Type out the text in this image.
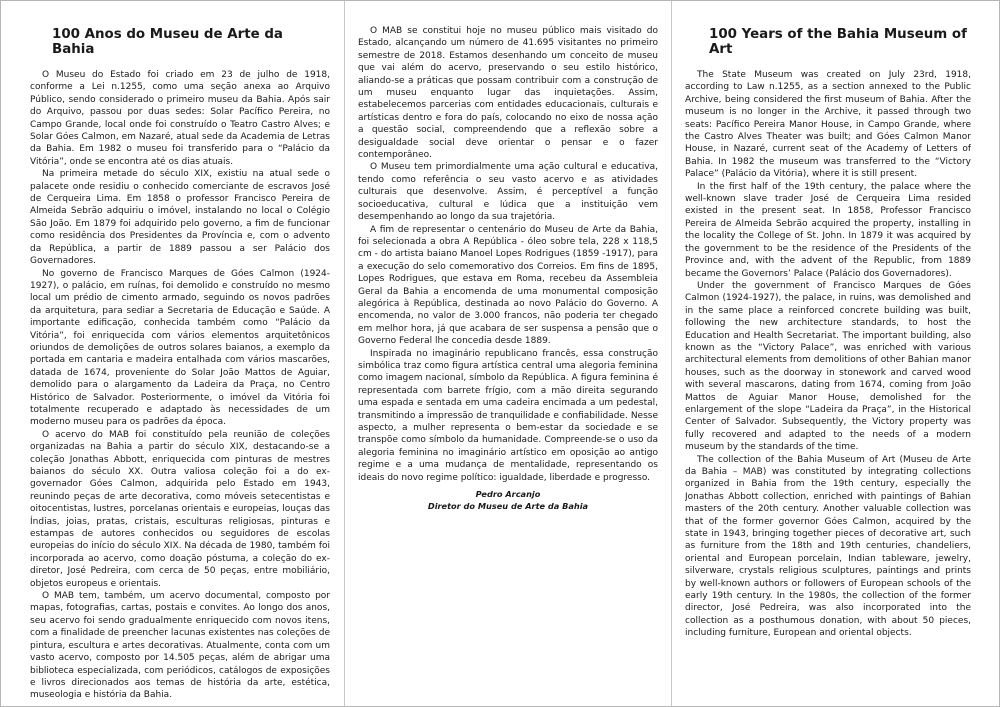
100 Anos do Museu de Arte da Bahia

O Museu do Estado foi criado em 23 de julho de 1918, conforme a Lei n.1255, como uma seção anexa ao Arquivo Público, sendo considerado o primeiro museu da Bahia. Após sair do Arquivo, passou por duas sedes: Solar Pacífico Pereira, no Campo Grande, local onde foi construído o Teatro Castro Alves; e Solar Góes Calmon, em Nazaré, atual sede da Academia de Letras da Bahia. Em 1982 o museu foi transferido para o “Palácio da Vitória”, onde se encontra até os dias atuais.

Na primeira metade do século XIX, existiu na atual sede o palacete onde residiu o conhecido comerciante de escravos José de Cerqueira Lima. Em 1858 o professor Francisco Pereira de Almeida Sebrão adquiriu o imóvel, instalando no local o Colégio São João. Em 1879 foi adquirido pelo governo, a fim de funcionar como residência dos Presidentes da Província e, com o advento da República, a partir de 1889 passou a ser Palácio dos Governadores.

No governo de Francisco Marques de Góes Calmon (1924-1927), o palácio, em ruínas, foi demolido e construído no mesmo local um prédio de cimento armado, seguindo os novos padrões da arquitetura, para sediar a Secretaria de Educação e Saúde. A importante edificação, conhecida também como “Palácio da Vitória”, foi enriquecida com vários elementos arquitetônicos oriundos de demolições de outros solares baianos, a exemplo da portada em cantaria e madeira entalhada com vários mascarões, datada de 1674, proveniente do Solar João Mattos de Aguiar, demolido para o alargamento da Ladeira da Praça, no Centro Histórico de Salvador. Posteriormente, o imóvel da Vitória foi totalmente recuperado e adaptado às necessidades de um moderno museu para os padrões da época.

O acervo do MAB foi constituído pela reunião de coleções organizadas na Bahia a partir do século XIX, destacando-se a coleção Jonathas Abbott, enriquecida com pinturas de mestres baianos do século XX. Outra valiosa coleção foi a do ex-governador Góes Calmon, adquirida pelo Estado em 1943, reunindo peças de arte decorativa, como móveis setecentistas e oitocentistas, lustres, porcelanas orientais e europeias, louças das Índias, joias, pratas, cristais, esculturas religiosas, pinturas e estampas de autores conhecidos ou seguidores de escolas europeias do início do século XIX. Na década de 1980, também foi incorporada ao acervo, como doação póstuma, a coleção do ex-diretor, José Pedreira, com cerca de 50 peças, entre mobiliário, objetos europeus e orientais.

O MAB tem, também, um acervo documental, composto por mapas, fotografias, cartas, postais e convites. Ao longo dos anos, seu acervo foi sendo gradualmente enriquecido com novos itens, com a finalidade de preencher lacunas existentes nas coleções de pintura, escultura e artes decorativas. Atualmente, conta com um vasto acervo, composto por 14.505 peças, além de abrigar uma biblioteca especializada, com periódicos, catálogos de exposições e livros direcionados aos temas de história da arte, estética, museologia e história da Bahia.

O MAB se constitui hoje no museu público mais visitado do Estado, alcançando um número de 41.695 visitantes no primeiro semestre de 2018. Estamos desenhando um conceito de museu que vai além do acervo, preservando o seu estilo histórico, aliando-se a práticas que possam contribuir com a construção de um museu enquanto lugar das inquietações. Assim, estabelecemos parcerias com entidades educacionais, culturais e artísticas dentro e fora do país, colocando no eixo de nossa ação a questão social, compreendendo que a reflexão sobre a desigualdade social deve orientar o pensar e o fazer contemporâneo.

O Museu tem primordialmente uma ação cultural e educativa, tendo como referência o seu vasto acervo e as atividades culturais que desenvolve. Assim, é perceptível a função socioeducativa, cultural e lúdica que a instituição vem desempenhando ao longo da sua trajetória.

A fim de representar o centenário do Museu de Arte da Bahia, foi selecionada a obra A República - óleo sobre tela, 228 x 118,5 cm - do artista baiano Manoel Lopes Rodrigues (1859 -1917), para a execução do selo comemorativo dos Correios. Em fins de 1895, Lopes Rodrigues, que estava em Roma, recebeu da Assembleia Geral da Bahia a encomenda de uma monumental composição alegórica à República, destinada ao novo Palácio do Governo. A encomenda, no valor de 3.000 francos, não poderia ter chegado em melhor hora, já que acabara de ser suspensa a pensão que o Governo Federal lhe concedia desde 1889.

Inspirada no imaginário republicano francês, essa construção simbólica traz como figura artística central uma alegoria feminina como imagem nacional, símbolo da República. A figura feminina é representada com barrete frígio, com a mão direita segurando uma espada e sentada em uma cadeira encimada a um pedestal, transmitindo a impressão de tranquilidade e confiabilidade. Nesse aspecto, a mulher representa o bem-estar da sociedade e se transpõe como símbolo da humanidade. Compreende-se o uso da alegoria feminina no imaginário artístico em oposição ao antigo regime e a uma mudança de mentalidade, representando os ideais do novo regime político: igualdade, liberdade e progresso.

Pedro Arcanjo
Diretor do Museu de Arte da Bahia
100 Years of the Bahia Museum of Art

The State Museum was created on July 23rd, 1918, according to Law n.1255, as a section annexed to the Public Archive, being considered the first museum of Bahia. After the museum is no longer in the Archive, it passed through two seats: Pacífico Pereira Manor House, in Campo Grande, where the Castro Alves Theater was built; and Góes Calmon Manor House, in Nazaré, current seat of the Academy of Letters of Bahia. In 1982 the museum was transferred to the “Victory Palace” (Palácio da Vitória), where it is still present.

In the first half of the 19th century, the palace where the well-known slave trader José de Cerqueira Lima resided existed in the present seat. In 1858, Professor Francisco Pereira de Almeida Sebrão acquired the property, installing in the locality the College of St. John. In 1879 it was acquired by the government to be the residence of the Presidents of the Province and, with the advent of the Republic, from 1889 became the Governors’ Palace (Palácio dos Governadores).

Under the government of Francisco Marques de Góes Calmon (1924-1927), the palace, in ruins, was demolished and in the same place a reinforced concrete building was built, following the new architecture standards, to host the Education and Health Secretariat. The important building, also known as the “Victory Palace”, was enriched with various architectural elements from demolitions of other Bahian manor houses, such as the doorway in stonework and carved wood with several mascarons, dating from 1674, coming from João Mattos de Aguiar Manor House, demolished for the enlargement of the slope “Ladeira da Praça”, in the Historical Center of Salvador. Subsequently, the Victory property was fully recovered and adapted to the needs of a modern museum by the standards of the time.

The collection of the Bahia Museum of Art (Museu de Arte da Bahia – MAB) was constituted by integrating collections organized in Bahia from the 19th century, especially the Jonathas Abbott collection, enriched with paintings of Bahian masters of the 20th century. Another valuable collection was that of the former governor Góes Calmon, acquired by the state in 1943, bringing together pieces of decorative art, such as furniture from the 18th and 19th centuries, chandeliers, oriental and European porcelain, Indian tableware, jewelry, silverware, crystals religious sculptures, paintings and prints by well-known authors or followers of European schools of the early 19th century. In the 1980s, the collection of the former director, José Pedreira, was also incorporated into the collection as a posthumous donation, with about 50 pieces, including furniture, European and oriental objects.
